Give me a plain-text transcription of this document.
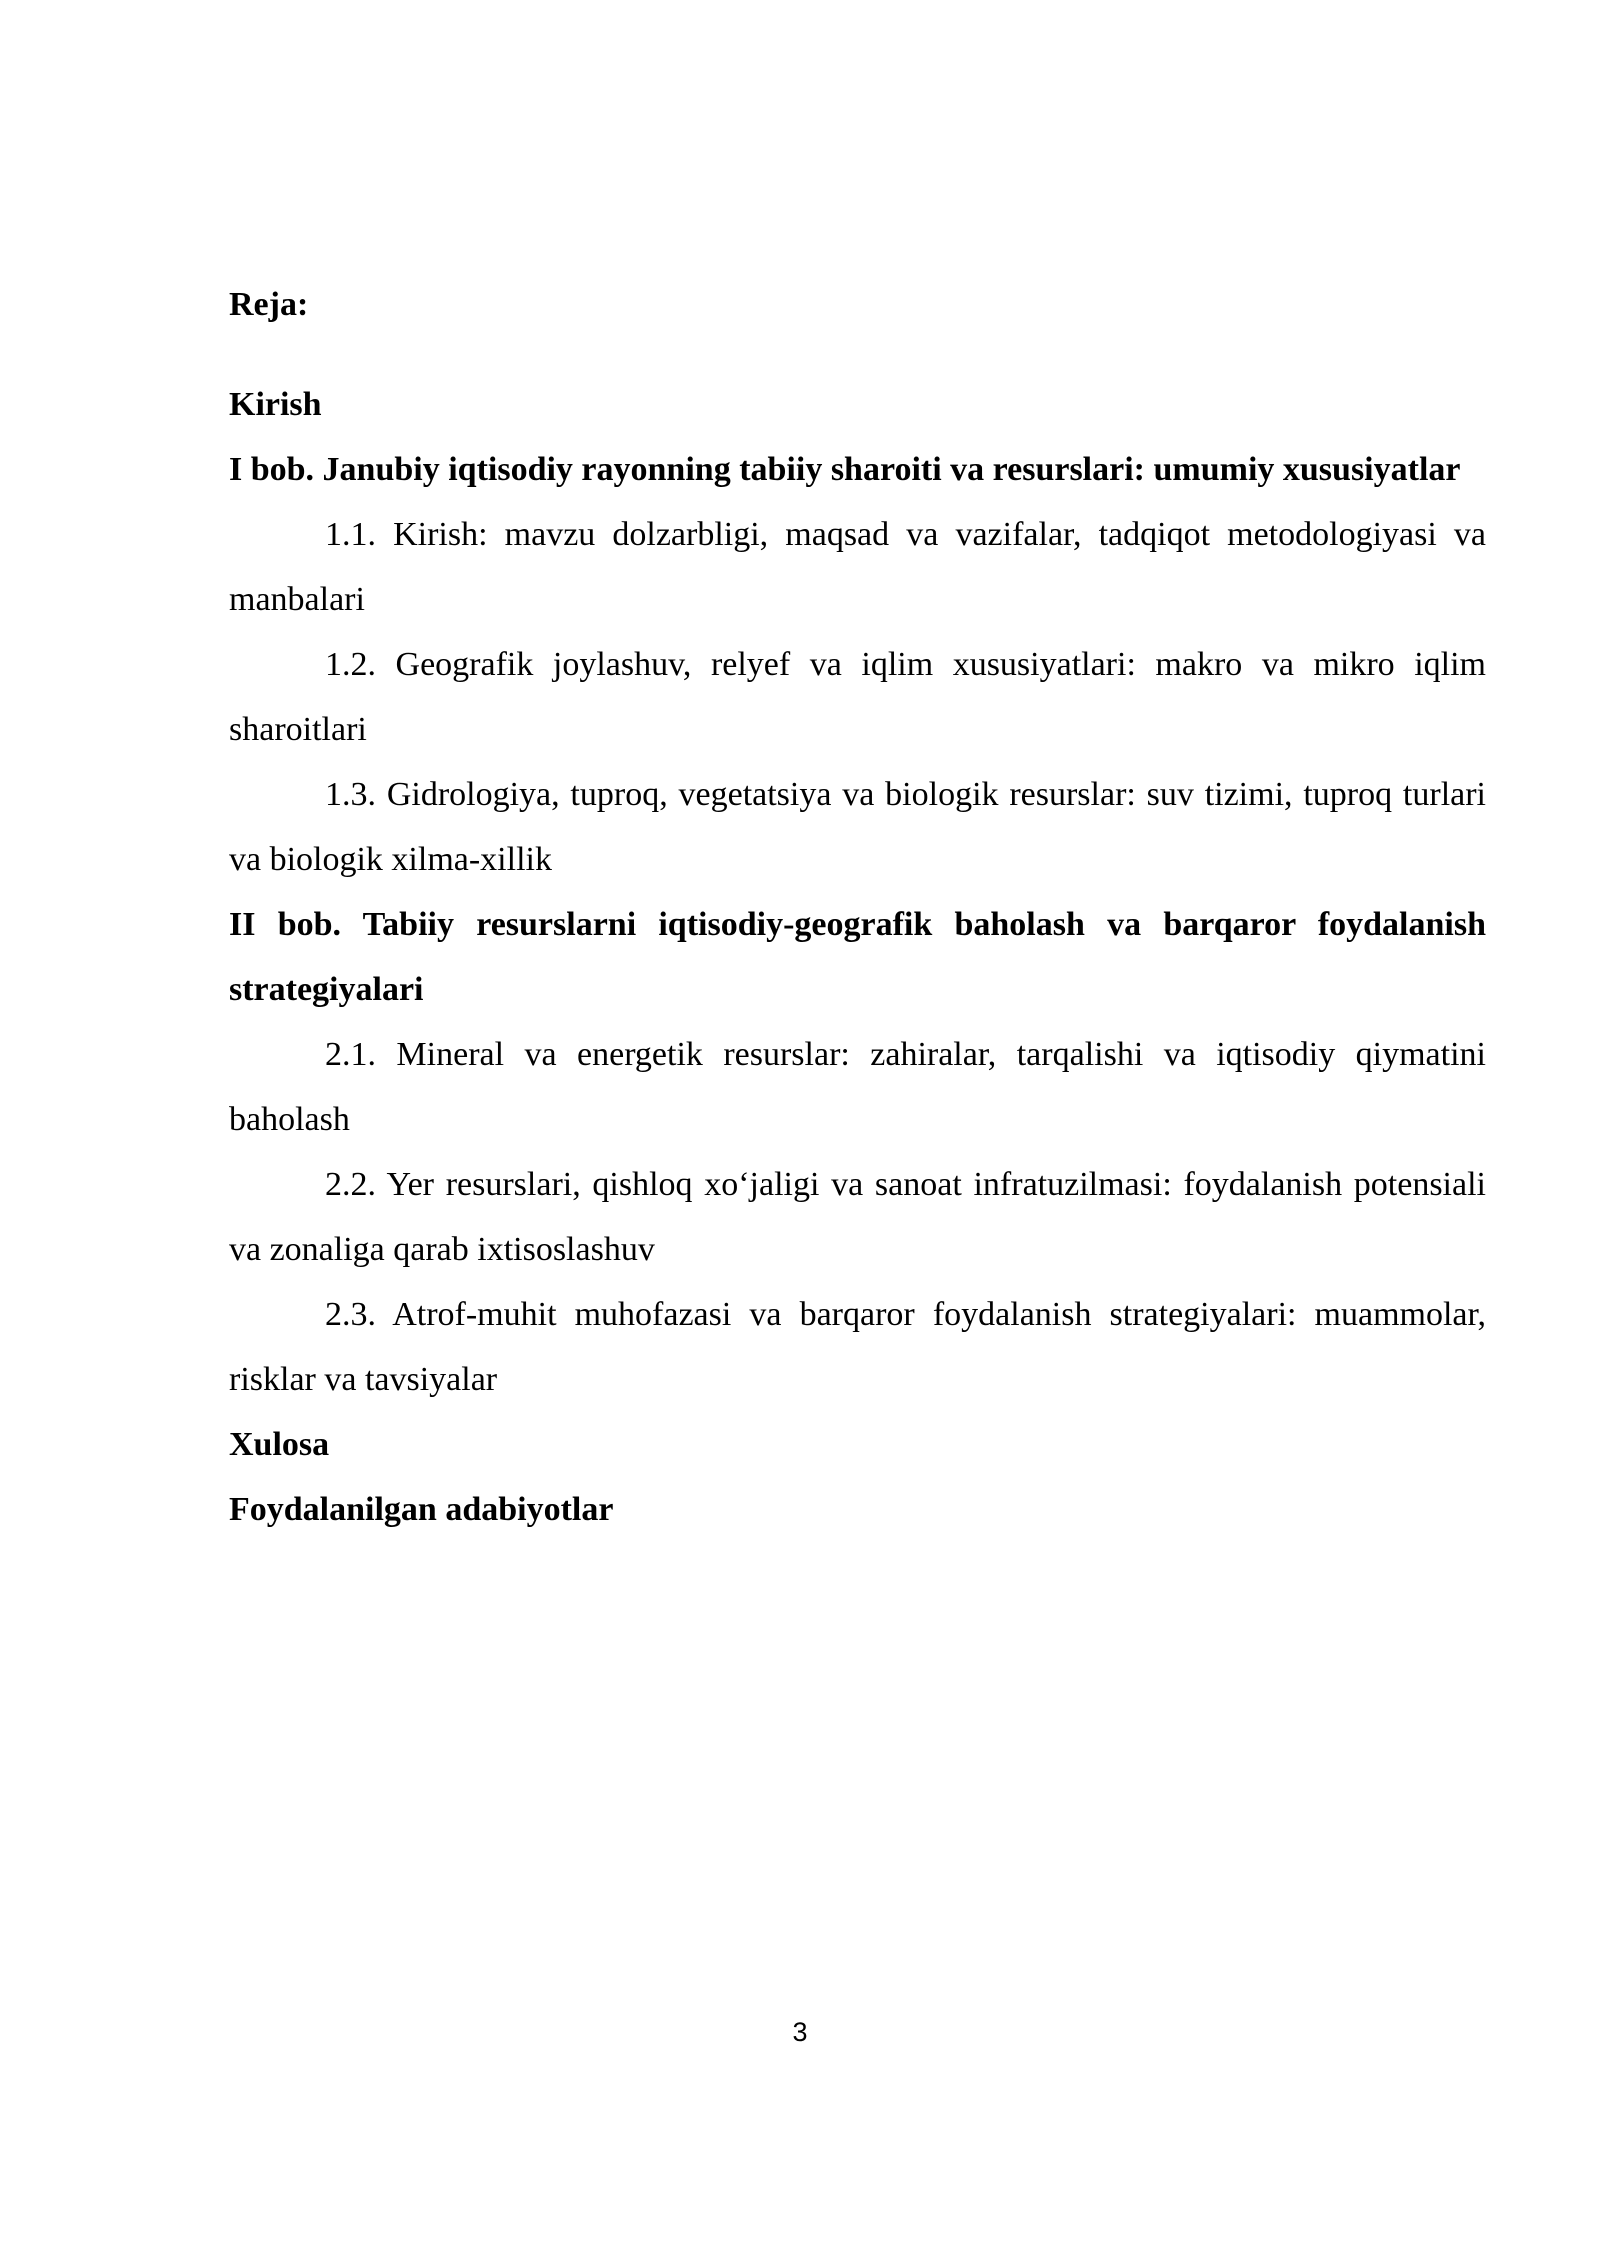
Reja:

Kirish

I bob. Janubiy iqtisodiy rayonning tabiiy sharoiti va resurslari: umumiy xususiyatlar

1.1. Kirish: mavzu dolzarbligi, maqsad va vazifalar, tadqiqot metodologiyasi va manbalari

1.2. Geografik joylashuv, relyef va iqlim xususiyatlari: makro va mikro iqlim sharoitlari

1.3. Gidrologiya, tuproq, vegetatsiya va biologik resurslar: suv tizimi, tuproq turlari va biologik xilma-xillik

II bob. Tabiiy resurslarni iqtisodiy-geografik baholash va barqaror foydalanish strategiyalari

2.1. Mineral va energetik resurslar: zahiralar, tarqalishi va iqtisodiy qiymatini baholash

2.2. Yer resurslari, qishloq xo‘jaligi va sanoat infratuzilmasi: foydalanish potensiali va zonaliga qarab ixtisoslashuv

2.3. Atrof-muhit muhofazasi va barqaror foydalanish strategiyalari: muammolar, risklar va tavsiyalar

Xulosa

Foydalanilgan adabiyotlar

3
